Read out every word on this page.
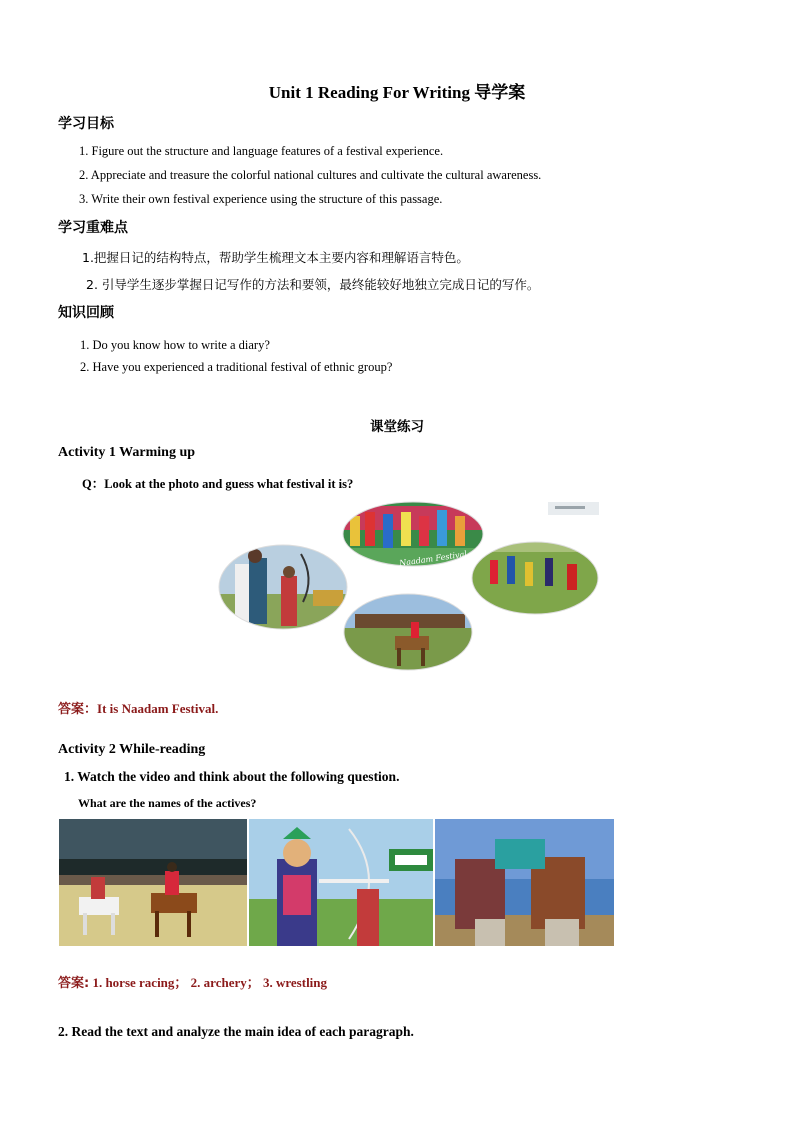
Unit 1 Reading For Writing 导学案
学习目标
1. Figure out the structure and language features of a festival experience.
2. Appreciate and treasure the colorful national cultures and cultivate the cultural awareness.
3. Write their own festival experience using the structure of this passage.
学习重难点
1.把握日记的结构特点，帮助学生梳理文本主要内容和理解语言特色。
2. 引导学生逐步掌握日记写作的方法和要领，最终能较好地独立完成日记的写作。
知识回顾
1. Do you know how to write a diary?
2. Have you experienced a traditional festival of ethnic group?
课堂练习
Activity 1 Warming up
Q：Look at the photo and guess what festival it is?
Naadam Festival
答案：It is Naadam Festival.
Activity 2 While-reading
1. Watch the video and think about the following question.
What are the names of the actives?
答案: 1. horse racing； 2. archery； 3. wrestling
2. Read the text and analyze the main idea of each paragraph.
